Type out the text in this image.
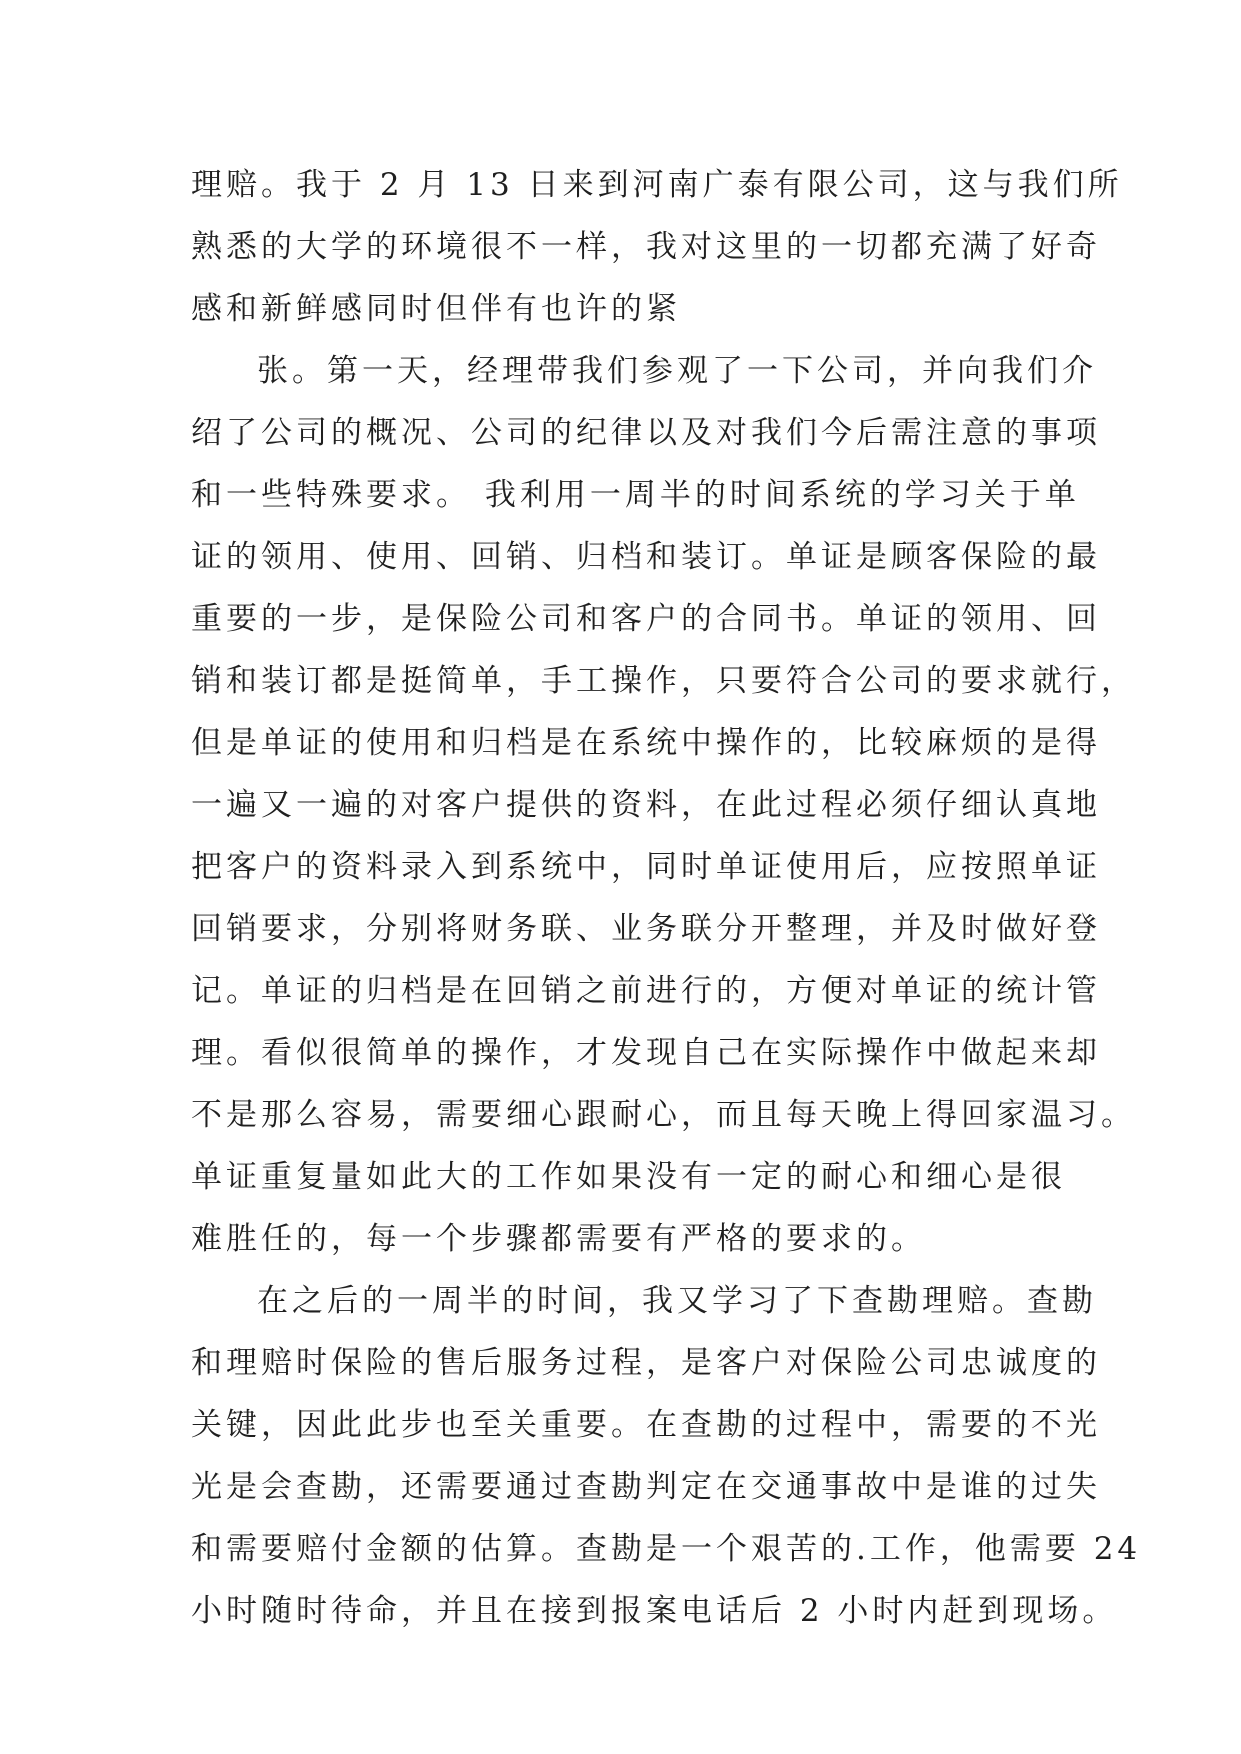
理赔。我于 2 月 13 日来到河南广泰有限公司，这与我们所
熟悉的大学的环境很不一样，我对这里的一切都充满了好奇
感和新鲜感同时但伴有也许的紧
张。第一天，经理带我们参观了一下公司，并向我们介
绍了公司的概况、公司的纪律以及对我们今后需注意的事项
和一些特殊要求。 我利用一周半的时间系统的学习关于单
证的领用、使用、回销、归档和装订。单证是顾客保险的最
重要的一步，是保险公司和客户的合同书。单证的领用、回
销和装订都是挺简单，手工操作，只要符合公司的要求就行，
但是单证的使用和归档是在系统中操作的，比较麻烦的是得
一遍又一遍的对客户提供的资料，在此过程必须仔细认真地
把客户的资料录入到系统中，同时单证使用后，应按照单证
回销要求，分别将财务联、业务联分开整理，并及时做好登
记。单证的归档是在回销之前进行的，方便对单证的统计管
理。看似很简单的操作，才发现自己在实际操作中做起来却
不是那么容易，需要细心跟耐心，而且每天晚上得回家温习。
单证重复量如此大的工作如果没有一定的耐心和细心是很
难胜任的，每一个步骤都需要有严格的要求的。
在之后的一周半的时间，我又学习了下查勘理赔。查勘
和理赔时保险的售后服务过程，是客户对保险公司忠诚度的
关键，因此此步也至关重要。在查勘的过程中，需要的不光
光是会查勘，还需要通过查勘判定在交通事故中是谁的过失
和需要赔付金额的估算。查勘是一个艰苦的.工作，他需要 24
小时随时待命，并且在接到报案电话后 2 小时内赶到现场。
